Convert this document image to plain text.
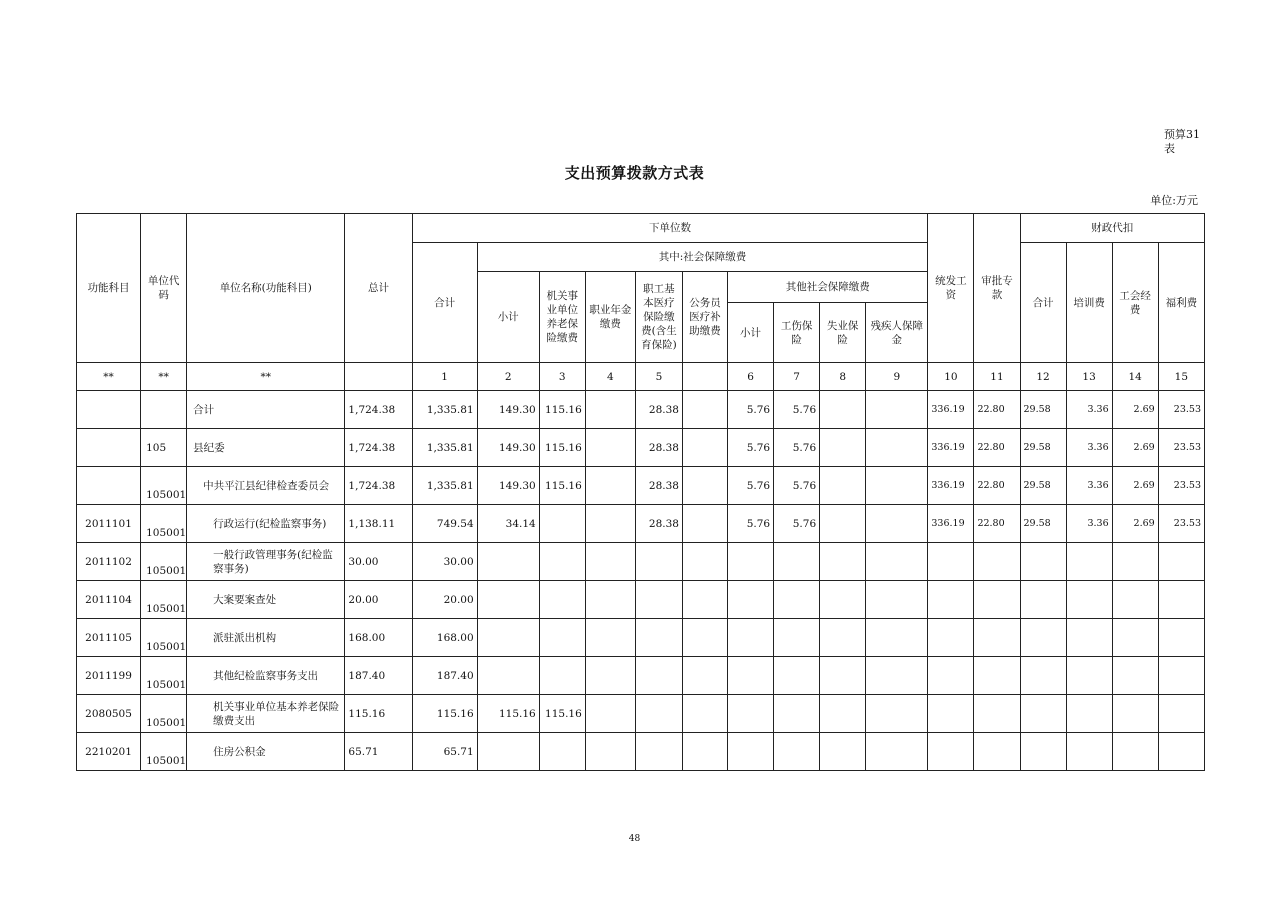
预算31表
支出预算拨款方式表
单位:万元
功能科目	单位代码	单位名称(功能科目)	总计	下单位数										统发工资	审批专款	财政代扣			
				合计	其中:社会保障缴费											合计	培训费	工会经费	福利费
					小计	机关事业单位养老保险缴费	职业年金缴费	职工基本医疗保险缴费(含生育保险)	公务员医疗补助缴费	其他社会保障缴费									
										小计	工伤保险	失业保险	残疾人保障金						
**	**	**		1	2	3	4	5		6	7	8	9	10	11	12	13	14	15
		合计	1,724.38	1,335.81	149.30	115.16		28.38		5.76	5.76			336.19	22.80	29.58	3.36	2.69	23.53
	105	县纪委	1,724.38	1,335.81	149.30	115.16		28.38		5.76	5.76			336.19	22.80	29.58	3.36	2.69	23.53
	105001	中共平江县纪律检查委员会	1,724.38	1,335.81	149.30	115.16		28.38		5.76	5.76			336.19	22.80	29.58	3.36	2.69	23.53
2011101	105001	行政运行(纪检监察事务)	1,138.11	749.54	34.14			28.38		5.76	5.76			336.19	22.80	29.58	3.36	2.69	23.53
2011102	105001	一般行政管理事务(纪检监察事务)	30.00	30.00															
2011104	105001	大案要案查处	20.00	20.00															
2011105	105001	派驻派出机构	168.00	168.00															
2011199	105001	其他纪检监察事务支出	187.40	187.40															
2080505	105001	机关事业单位基本养老保险缴费支出	115.16	115.16	115.16	115.16													
2210201	105001	住房公积金	65.71	65.71															
48
